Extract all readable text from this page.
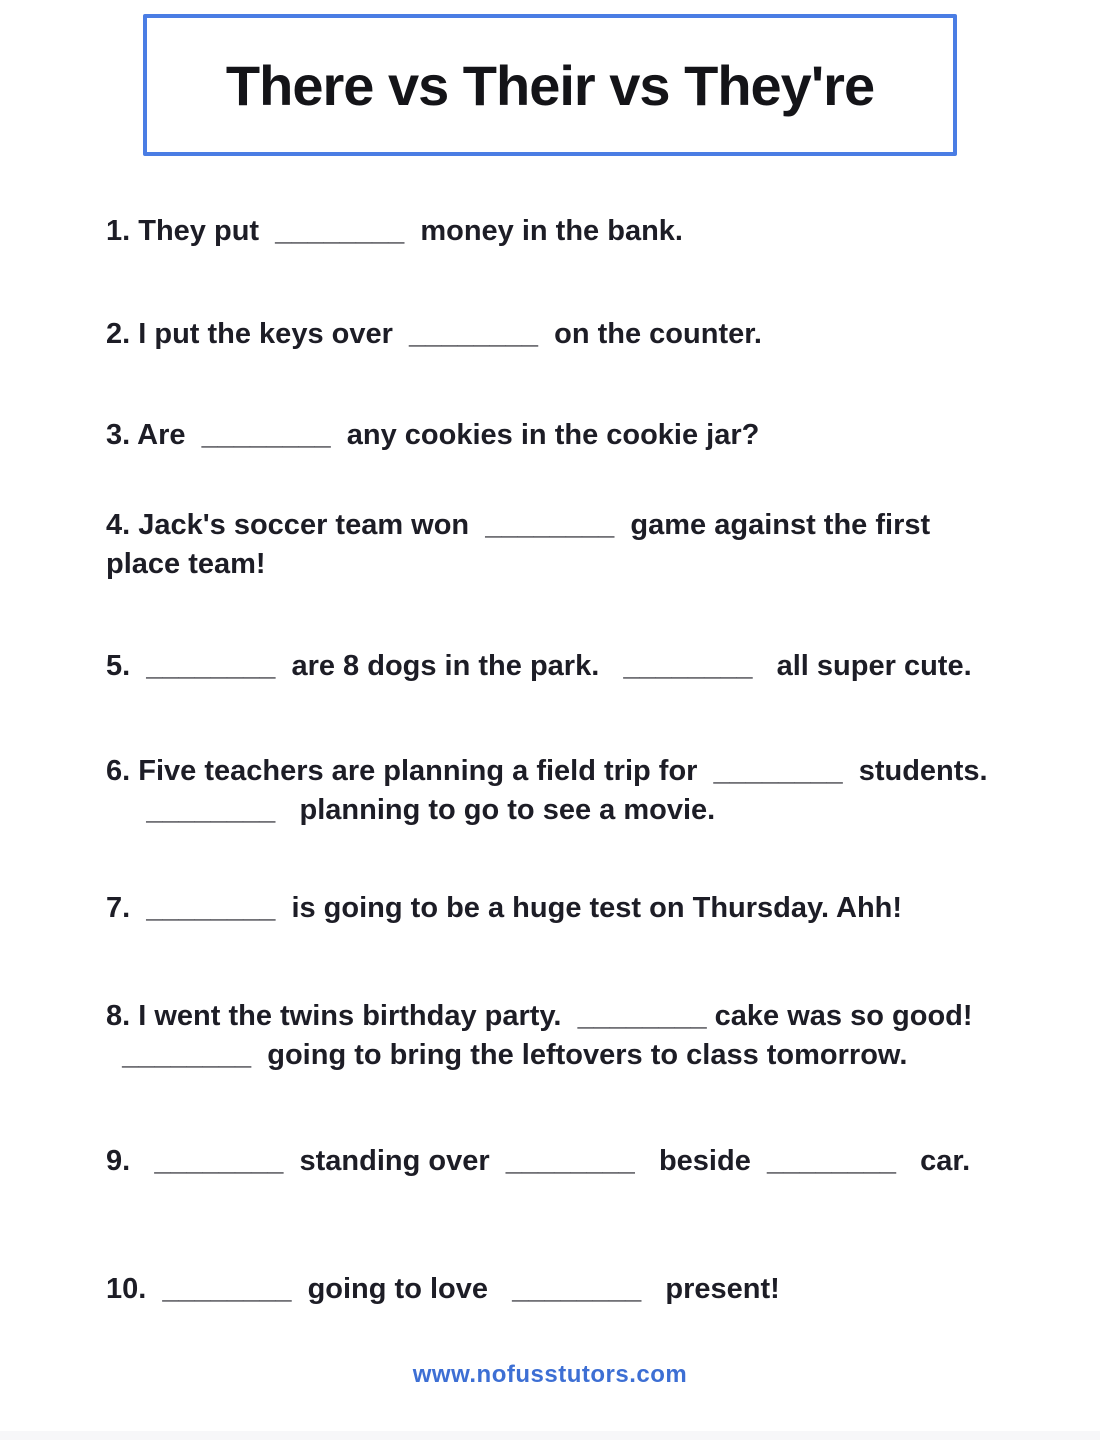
There vs Their vs They're
1. They put  ________  money in the bank.
2. I put the keys over  ________  on the counter.
3. Are  ________  any cookies in the cookie jar?
4. Jack's soccer team won  ________  game against the first
place team!
5.  ________  are 8 dogs in the park.   ________   all super cute.
6. Five teachers are planning a field trip for  ________  students.
________   planning to go to see a movie.
7.  ________  is going to be a huge test on Thursday. Ahh!
8. I went the twins birthday party.  ________ cake was so good!
________  going to bring the leftovers to class tomorrow.
9.   ________  standing over  ________   beside  ________   car.
10.  ________  going to love   ________   present!
www.nofusstutors.com
